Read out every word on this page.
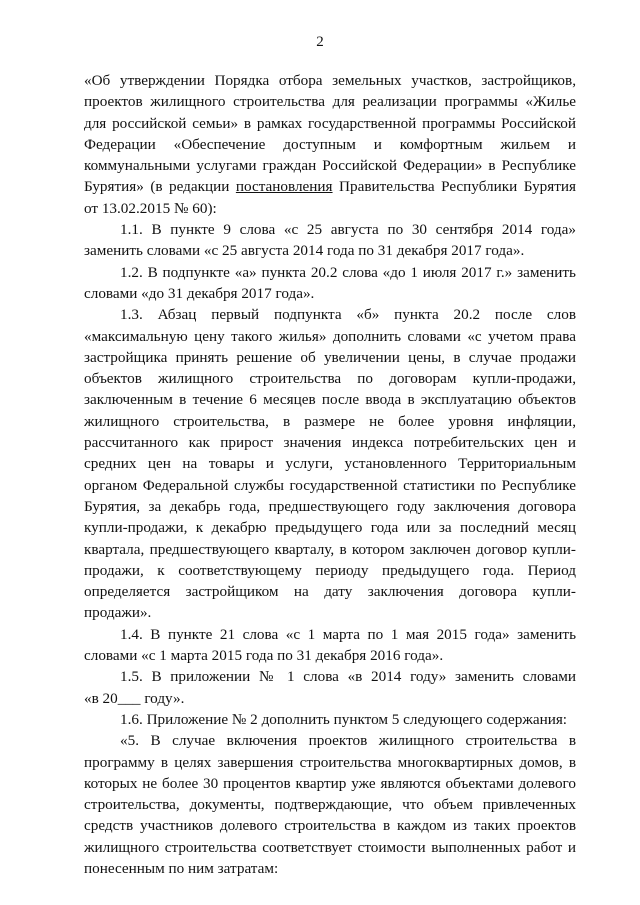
2
«Об утверждении Порядка отбора земельных участков, застройщиков,
проектов жилищного строительства для реализации программы «Жилье
для российской семьи» в рамках государственной программы Российской
Федерации «Обеспечение доступным и комфортным жильем и
коммунальными услугами граждан Российской Федерации» в Республике
Бурятия» (в редакции постановления Правительства Республики Бурятия
от 13.02.2015 № 60):
1.1. В пункте 9 слова «с 25 августа по 30 сентября 2014 года»
заменить словами «с 25 августа 2014 года по 31 декабря 2017 года».
1.2. В подпункте «а» пункта 20.2 слова «до 1 июля 2017 г.» заменить
словами «до 31 декабря 2017 года».
1.3. Абзац первый подпункта «б» пункта 20.2 после слов
«максимальную цену такого жилья» дополнить словами «с учетом права
застройщика принять решение об увеличении цены, в случае продажи
объектов жилищного строительства по договорам купли-продажи,
заключенным в течение 6 месяцев после ввода в эксплуатацию объектов
жилищного строительства, в размере не более уровня инфляции,
рассчитанного как прирост значения индекса потребительских цен и
средних цен на товары и услуги, установленного Территориальным
органом Федеральной службы государственной статистики по Республике
Бурятия, за декабрь года, предшествующего году заключения договора
купли-продажи, к декабрю предыдущего года или за последний месяц
квартала, предшествующего кварталу, в котором заключен договор купли-
продажи, к соответствующему периоду предыдущего года. Период
определяется застройщиком на дату заключения договора купли-
продажи».
1.4. В пункте 21 слова «с 1 марта по 1 мая 2015 года» заменить
словами «с 1 марта 2015 года по 31 декабря 2016 года».
1.5. В приложении № 1 слова «в 2014 году» заменить словами
«в 20___ году».
1.6. Приложение № 2 дополнить пунктом 5 следующего содержания:
«5. В случае включения проектов жилищного строительства в
программу в целях завершения строительства многоквартирных домов, в
которых не более 30 процентов квартир уже являются объектами долевого
строительства, документы, подтверждающие, что объем привлеченных
средств участников долевого строительства в каждом из таких проектов
жилищного строительства соответствует стоимости выполненных работ и
понесенным по ним затратам:
